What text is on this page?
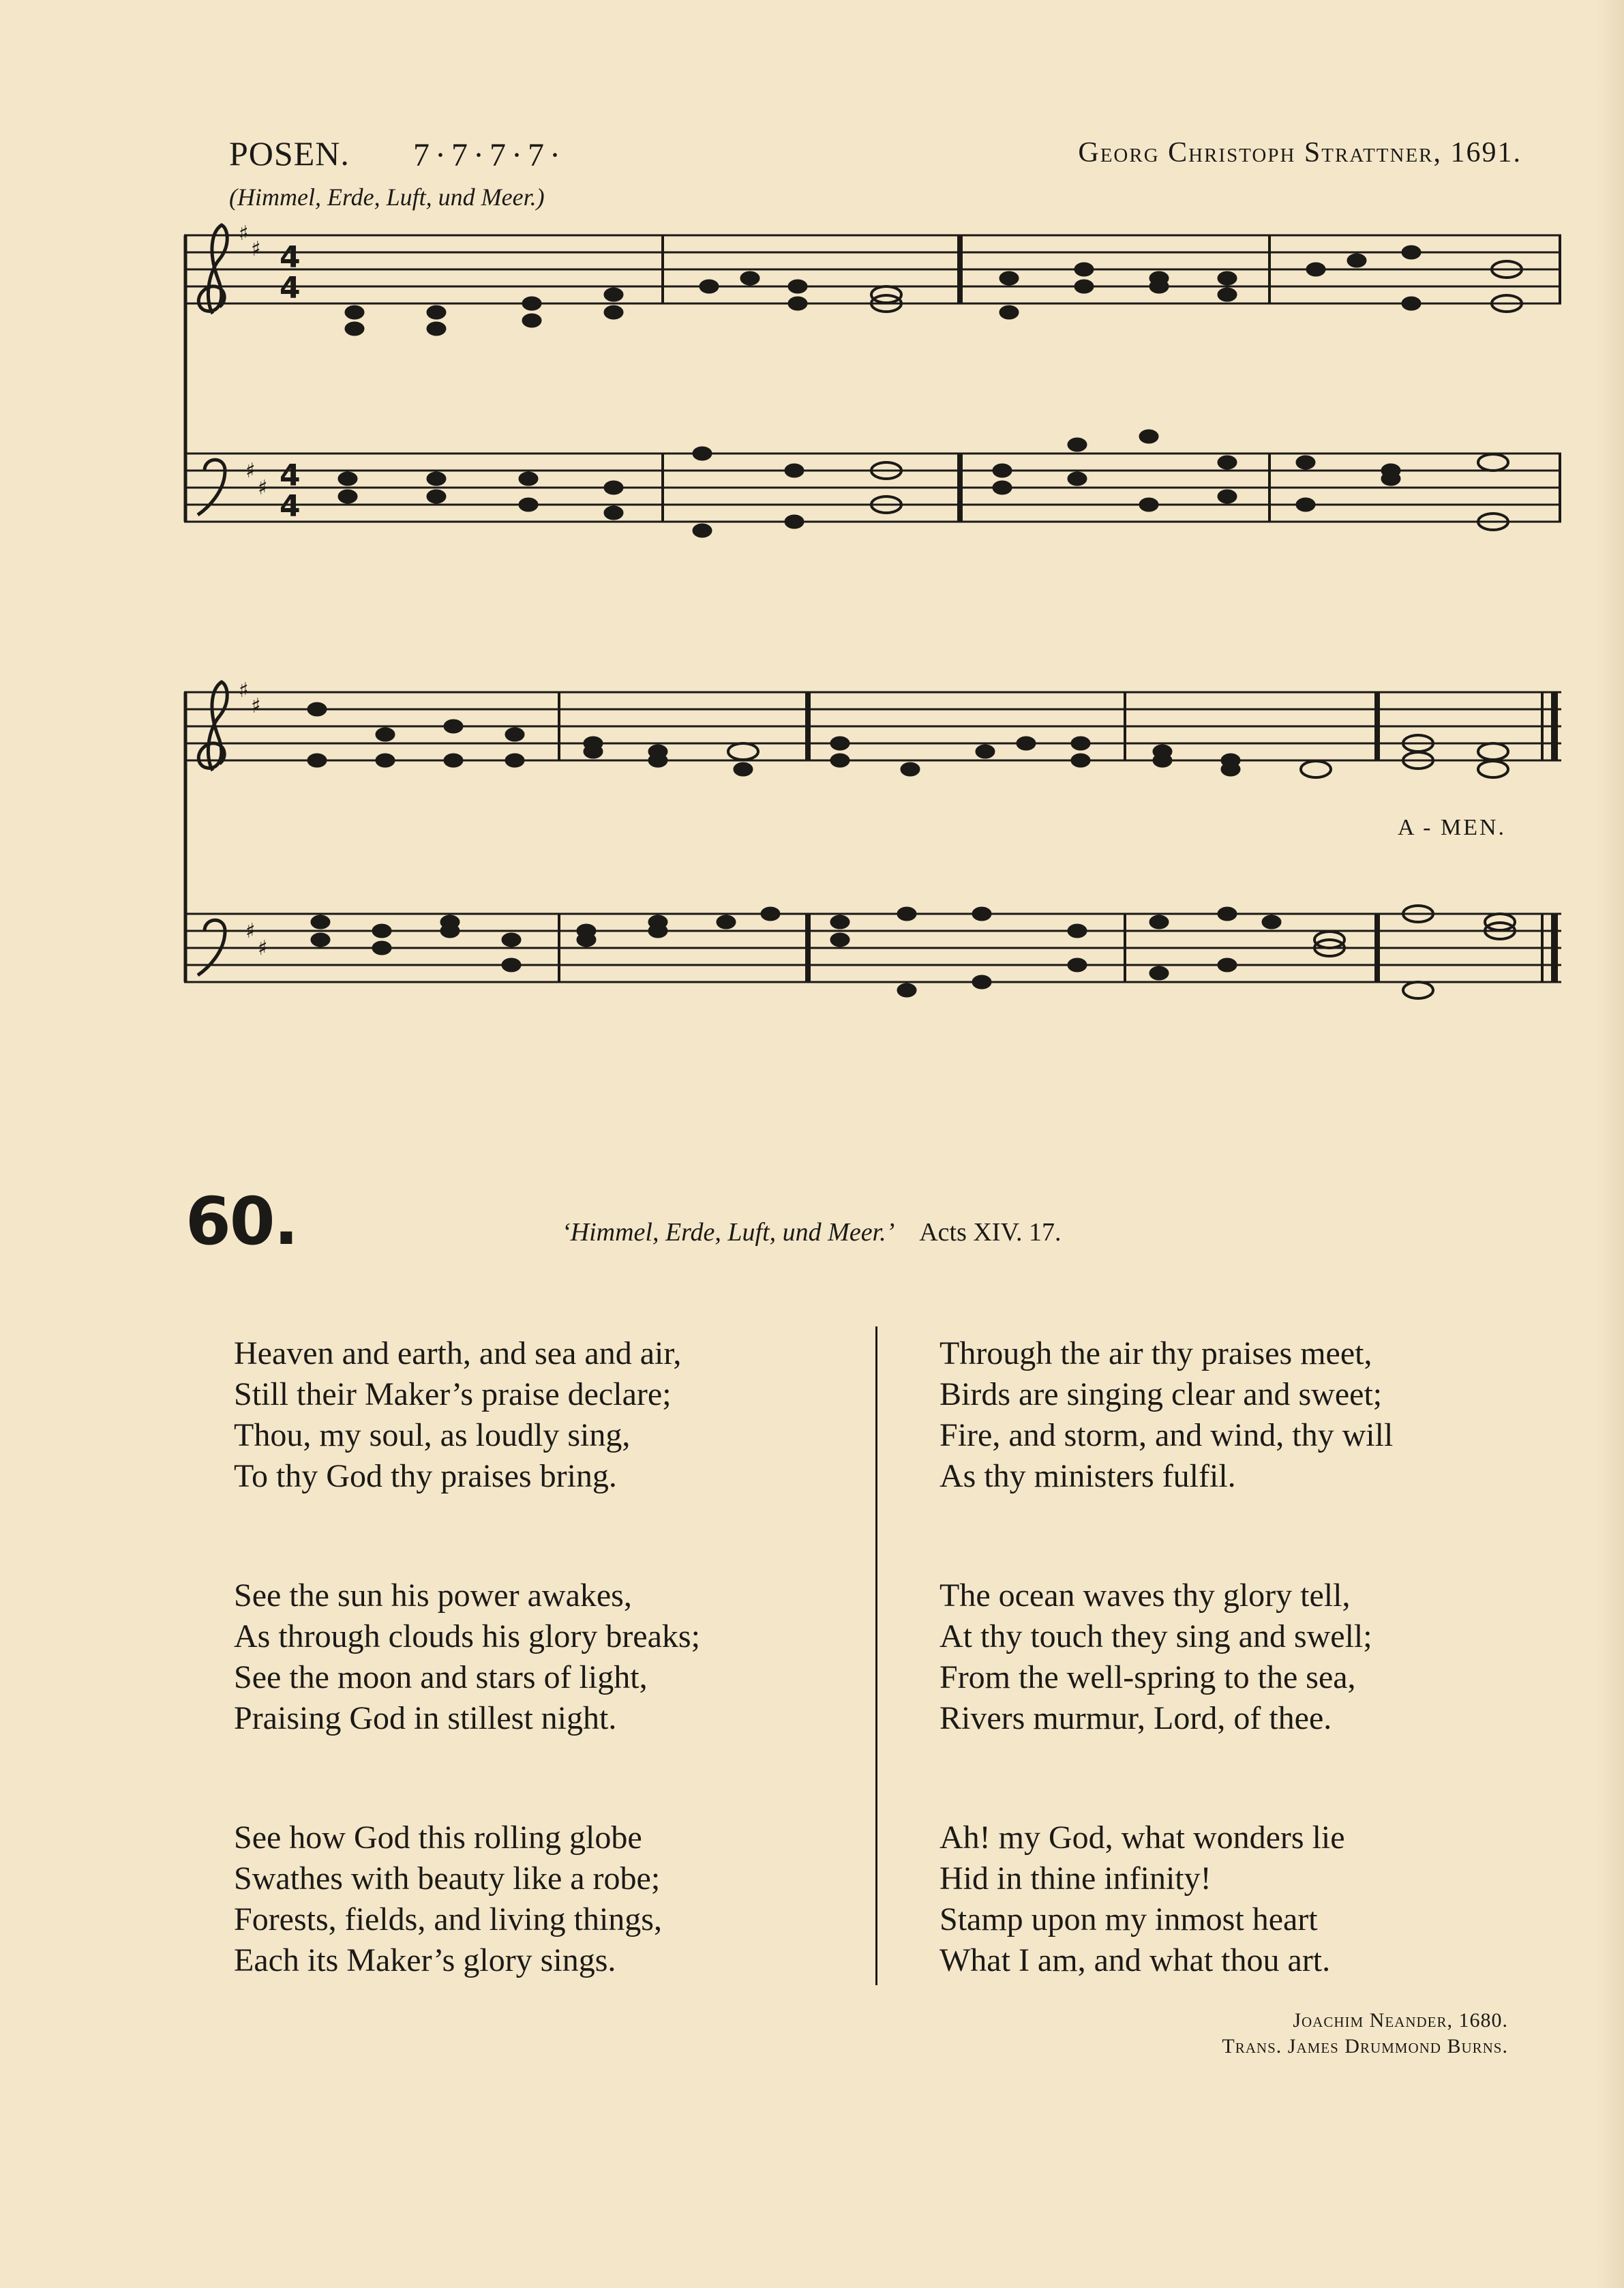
POSEN. 7·7·7·7·	Georg Christoph Strattner, 1691.
(Himmel, Erde, Luft, und Meer.)
♯
♯ 4
4
♯
♯ 4
4
♯
♯
♯
♯
A - MEN.
60.	‘Himmel, Erde, Luft, und Meer.’ Acts XIV. 17.
Heaven and earth, and sea and air,
Still their Maker’s praise declare;
Thou, my soul, as loudly sing,
To thy God thy praises bring.
See the sun his power awakes,
As through clouds his glory breaks;
See the moon and stars of light,
Praising God in stillest night.
See how God this rolling globe
Swathes with beauty like a robe;
Forests, fields, and living things,
Each its Maker’s glory sings.
Through the air thy praises meet,
Birds are singing clear and sweet;
Fire, and storm, and wind, thy will
As thy ministers fulfil.
The ocean waves thy glory tell,
At thy touch they sing and swell;
From the well-spring to the sea,
Rivers murmur, Lord, of thee.
Ah! my God, what wonders lie
Hid in thine infinity!
Stamp upon my inmost heart
What I am, and what thou art.
Joachim Neander, 1680.
Trans. James Drummond Burns.
